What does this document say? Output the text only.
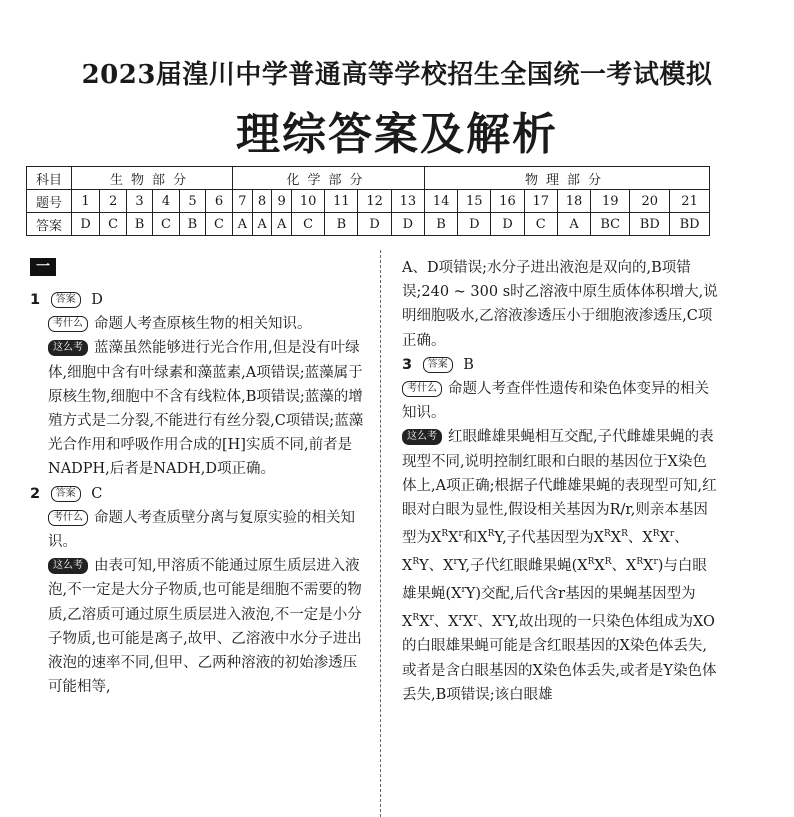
2023届湟川中学普通高等学校招生全国统一考试模拟
理综答案及解析
科目	生物部分						化学部分							物理部分							
题号	1	2	3	4	5	6	7	8	9	10	11	12	13	14	15	16	17	18	19	20	21
答案	D	C	B	C	B	C	A	A	A	C	B	D	D	B	D	D	C	A	BC	BD	BD
一

1 答案 D

考什么 命题人考查原核生物的相关知识。

这么考 蓝藻虽然能够进行光合作用,但是没有叶绿体,细胞中含有叶绿素和藻蓝素,A项错误;蓝藻属于原核生物,细胞中不含有线粒体,B项错误;蓝藻的增殖方式是二分裂,不能进行有丝分裂,C项错误;蓝藻光合作用和呼吸作用合成的[H]实质不同,前者是NADPH,后者是NADH,D项正确。

2 答案 C

考什么 命题人考查质壁分离与复原实验的相关知识。

这么考 由表可知,甲溶质不能通过原生质层进入液泡,不一定是大分子物质,也可能是细胞不需要的物质,乙溶质可通过原生质层进入液泡,不一定是小分子物质,也可能是离子,故甲、乙溶液中水分子进出液泡的速率不同,但甲、乙两种溶液的初始渗透压可能相等,

A、D项错误;水分子进出液泡是双向的,B项错误;240 ~ 300 s时乙溶液中原生质体体积增大,说明细胞吸水,乙溶液渗透压小于细胞液渗透压,C项正确。

3 答案 B

考什么 命题人考查伴性遗传和染色体变异的相关知识。

这么考 红眼雌雄果蝇相互交配,子代雌雄果蝇的表现型不同,说明控制红眼和白眼的基因位于X染色体上,A项正确;根据子代雌雄果蝇的表现型可知,红眼对白眼为显性,假设相关基因为R/r,则亲本基因型为$X^RX^r$和$X^RY$,子代基因型为$X^RX^R$、$X^RX^r$、$X^RY$、$X^rY$,子代红眼雌果蝇($X^RX^R$、$X^RX^r$)与白眼雄果蝇$(X^rY)$交配,后代含r基因的果蝇基因型为$X^RX^r$、$X^rX^r$、$X^rY$,故出现的一只染色体组成为XO的白眼雄果蝇可能是含红眼基因的X染色体丢失,或者是含白眼基因的X染色体丢失,或者是Y染色体丢失,B项错误;该白眼雄
